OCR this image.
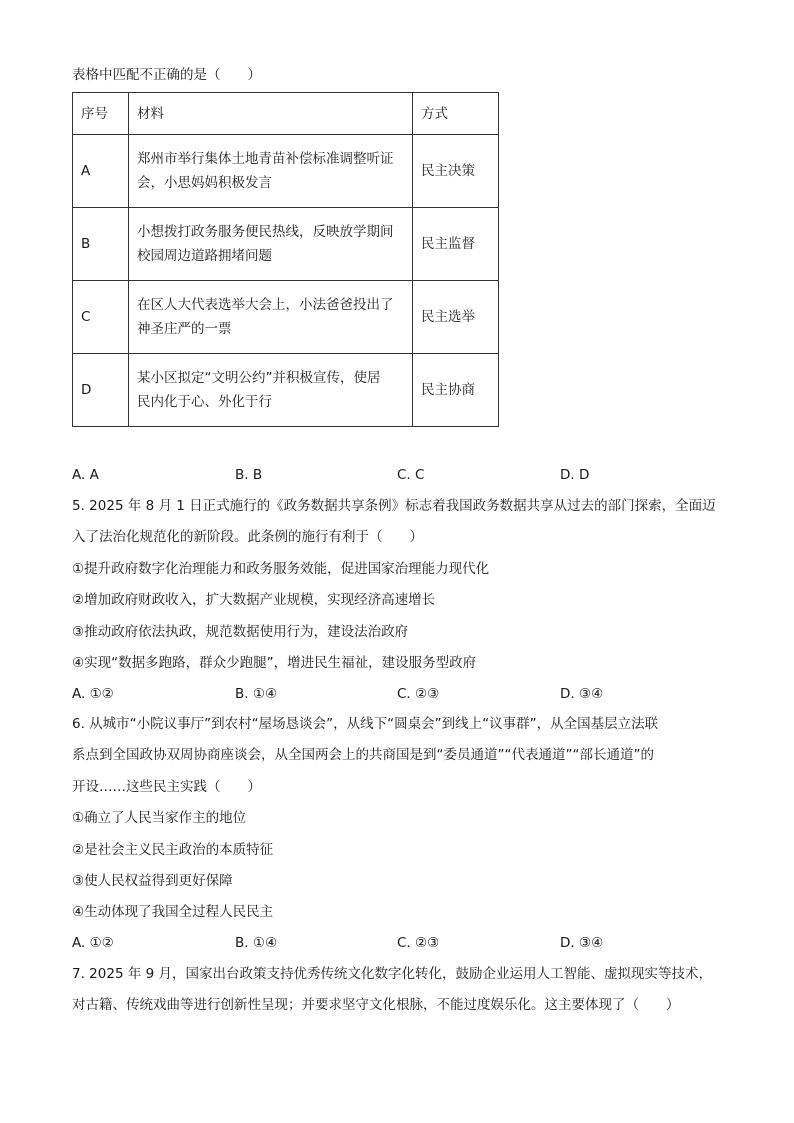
表格中匹配不正确的是（　　）
序号	材料	方式
A	郑州市举行集体土地青苗补偿标准调整听证
会，小思妈妈积极发言	民主决策
B	小想拨打政务服务便民热线，反映放学期间
校园周边道路拥堵问题	民主监督
C	在区人大代表选举大会上，小法爸爸投出了
神圣庄严的一票	民主选举
D	某小区拟定“文明公约”并积极宣传，使居
民内化于心、外化于行	民主协商
A. A	B. B	C. C	D. D
5. 2025 年 8 月 1 日正式施行的《政务数据共享条例》标志着我国政务数据共享从过去的部门探索，全面迈
入了法治化规范化的新阶段。此条例的施行有利于（　　）
①提升政府数字化治理能力和政务服务效能，促进国家治理能力现代化
②增加政府财政收入，扩大数据产业规模，实现经济高速增长
③推动政府依法执政，规范数据使用行为，建设法治政府
④实现“数据多跑路，群众少跑腿”，增进民生福祉，建设服务型政府
A. ①②	B. ①④	C. ②③	D. ③④
6. 从城市“小院议事厅”到农村“屋场恳谈会”，从线下“圆桌会”到线上“议事群”，从全国基层立法联
系点到全国政协双周协商座谈会，从全国两会上的共商国是到“委员通道”“代表通道”“部长通道”的
开设……这些民主实践（　　）
①确立了人民当家作主的地位
②是社会主义民主政治的本质特征
③使人民权益得到更好保障
④生动体现了我国全过程人民民主
A. ①②	B. ①④	C. ②③	D. ③④
7. 2025 年 9 月，国家出台政策支持优秀传统文化数字化转化，鼓励企业运用人工智能、虚拟现实等技术，
对古籍、传统戏曲等进行创新性呈现；并要求坚守文化根脉，不能过度娱乐化。这主要体现了（　　）
